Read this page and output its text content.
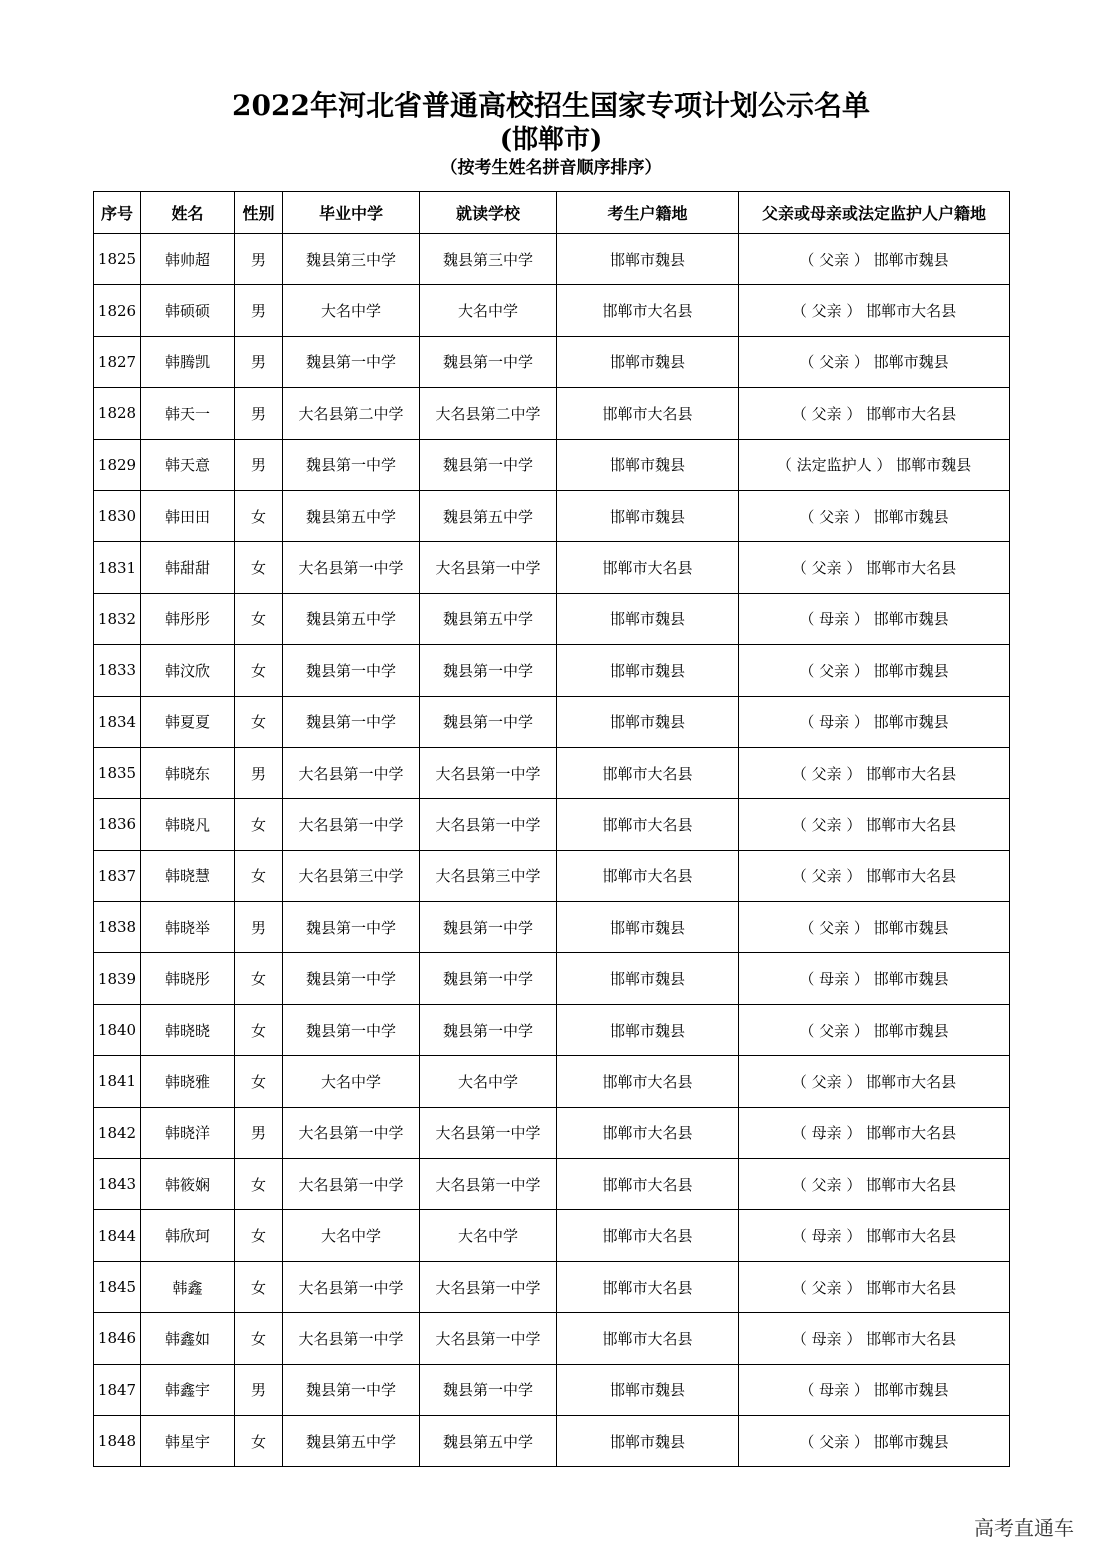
2022年河北省普通高校招生国家专项计划公示名单
(邯郸市)
（按考生姓名拼音顺序排序）
序号	姓名	性别	毕业中学	就读学校	考生户籍地	父亲或母亲或法定监护人户籍地
1825	韩帅超	男	魏县第三中学	魏县第三中学	邯郸市魏县	（ 父亲 ） 邯郸市魏县
1826	韩硕硕	男	大名中学	大名中学	邯郸市大名县	（ 父亲 ） 邯郸市大名县
1827	韩腾凯	男	魏县第一中学	魏县第一中学	邯郸市魏县	（ 父亲 ） 邯郸市魏县
1828	韩天一	男	大名县第二中学	大名县第二中学	邯郸市大名县	（ 父亲 ） 邯郸市大名县
1829	韩天意	男	魏县第一中学	魏县第一中学	邯郸市魏县	（ 法定监护人 ） 邯郸市魏县
1830	韩田田	女	魏县第五中学	魏县第五中学	邯郸市魏县	（ 父亲 ） 邯郸市魏县
1831	韩甜甜	女	大名县第一中学	大名县第一中学	邯郸市大名县	（ 父亲 ） 邯郸市大名县
1832	韩彤彤	女	魏县第五中学	魏县第五中学	邯郸市魏县	（ 母亲 ） 邯郸市魏县
1833	韩汶欣	女	魏县第一中学	魏县第一中学	邯郸市魏县	（ 父亲 ） 邯郸市魏县
1834	韩夏夏	女	魏县第一中学	魏县第一中学	邯郸市魏县	（ 母亲 ） 邯郸市魏县
1835	韩晓东	男	大名县第一中学	大名县第一中学	邯郸市大名县	（ 父亲 ） 邯郸市大名县
1836	韩晓凡	女	大名县第一中学	大名县第一中学	邯郸市大名县	（ 父亲 ） 邯郸市大名县
1837	韩晓慧	女	大名县第三中学	大名县第三中学	邯郸市大名县	（ 父亲 ） 邯郸市大名县
1838	韩晓举	男	魏县第一中学	魏县第一中学	邯郸市魏县	（ 父亲 ） 邯郸市魏县
1839	韩晓彤	女	魏县第一中学	魏县第一中学	邯郸市魏县	（ 母亲 ） 邯郸市魏县
1840	韩晓晓	女	魏县第一中学	魏县第一中学	邯郸市魏县	（ 父亲 ） 邯郸市魏县
1841	韩晓雅	女	大名中学	大名中学	邯郸市大名县	（ 父亲 ） 邯郸市大名县
1842	韩晓洋	男	大名县第一中学	大名县第一中学	邯郸市大名县	（ 母亲 ） 邯郸市大名县
1843	韩筱娴	女	大名县第一中学	大名县第一中学	邯郸市大名县	（ 父亲 ） 邯郸市大名县
1844	韩欣珂	女	大名中学	大名中学	邯郸市大名县	（ 母亲 ） 邯郸市大名县
1845	韩鑫	女	大名县第一中学	大名县第一中学	邯郸市大名县	（ 父亲 ） 邯郸市大名县
1846	韩鑫如	女	大名县第一中学	大名县第一中学	邯郸市大名县	（ 母亲 ） 邯郸市大名县
1847	韩鑫宇	男	魏县第一中学	魏县第一中学	邯郸市魏县	（ 母亲 ） 邯郸市魏县
1848	韩星宇	女	魏县第五中学	魏县第五中学	邯郸市魏县	（ 父亲 ） 邯郸市魏县
高考直通车
